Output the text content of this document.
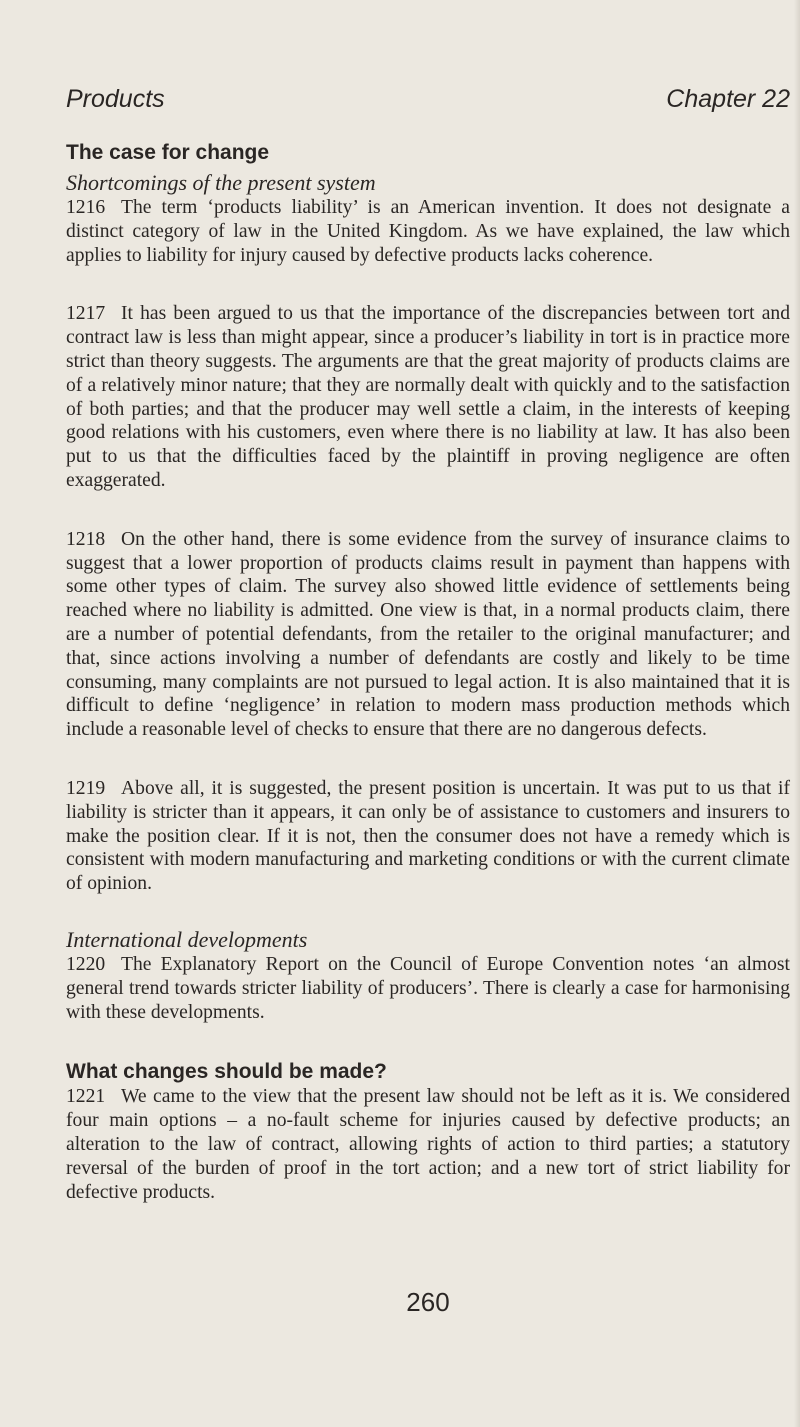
Products	Chapter 22
The case for change
Shortcomings of the present system

1216 The term ‘products liability’ is an American invention. It does not designate a distinct category of law in the United Kingdom. As we have explained, the law which applies to liability for injury caused by defective products lacks coherence.

1217 It has been argued to us that the importance of the discrepancies between tort and contract law is less than might appear, since a producer’s liability in tort is in practice more strict than theory suggests. The arguments are that the great majority of products claims are of a relatively minor nature; that they are normally dealt with quickly and to the satisfaction of both parties; and that the producer may well settle a claim, in the interests of keeping good relations with his customers, even where there is no liability at law. It has also been put to us that the difficulties faced by the plaintiff in proving negligence are often exaggerated.

1218 On the other hand, there is some evidence from the survey of insurance claims to suggest that a lower proportion of products claims result in payment than happens with some other types of claim. The survey also showed little evidence of settlements being reached where no liability is admitted. One view is that, in a normal products claim, there are a number of potential defendants, from the retailer to the original manufacturer; and that, since actions involving a number of defendants are costly and likely to be time consuming, many complaints are not pursued to legal action. It is also maintained that it is difficult to define ‘negligence’ in relation to modern mass production methods which include a reasonable level of checks to ensure that there are no dangerous defects.

1219 Above all, it is suggested, the present position is uncertain. It was put to us that if liability is stricter than it appears, it can only be of assistance to customers and insurers to make the position clear. If it is not, then the consumer does not have a remedy which is consistent with modern manufacturing and marketing conditions or with the current climate of opinion.

International developments

1220 The Explanatory Report on the Council of Europe Convention notes ‘an almost general trend towards stricter liability of producers’. There is clearly a case for harmonising with these developments.

What changes should be made?

1221 We came to the view that the present law should not be left as it is. We considered four main options – a no-fault scheme for injuries caused by defective products; an alteration to the law of contract, allowing rights of action to third parties; a statutory reversal of the burden of proof in the tort action; and a new tort of strict liability for defective products.

260
